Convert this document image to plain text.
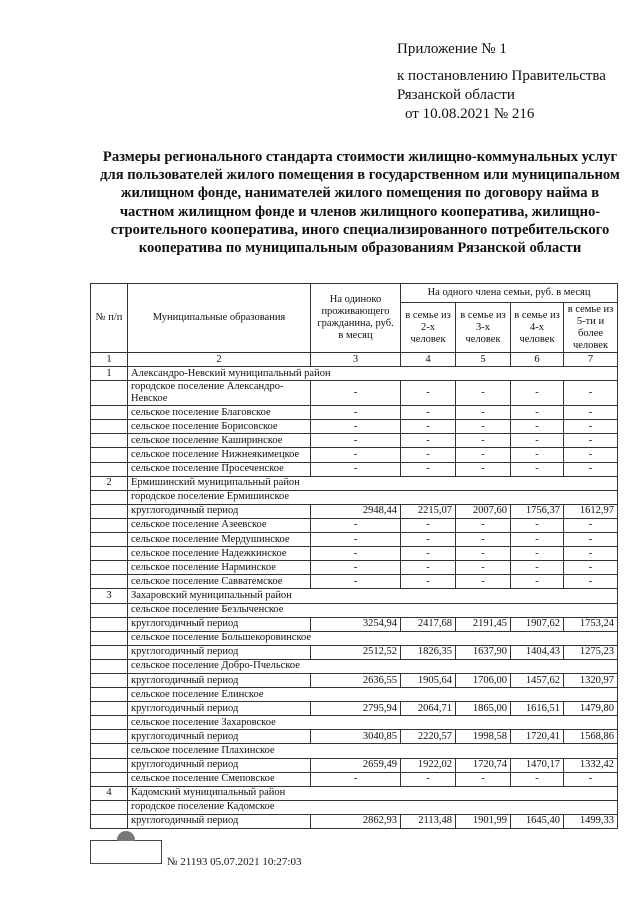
Приложение № 1
к постановлению Правительства
Рязанской области
от 10.08.2021 № 216
Размеры регионального стандарта стоимости жилищно-коммунальных услуг для пользователей жилого помещения в государственном или муниципальном жилищном фонде, нанимателей жилого помещения по договору найма в частном жилищном фонде и членов жилищного кооператива, жилищно-строительного кооператива, иного специализированного потребительского кооператива по муниципальным образованиям Рязанской области
№ п/п	Муниципальные образования	На одиноко проживающего гражданина, руб. в месяц	На одного члена семьи, руб. в месяц			
			в семье из 2-х человек	в семье из 3-х человек	в семье из 4-х человек	в семье из 5-ти и более человек
1	2	3	4	5	6	7
1	Александро-Невский муниципальный район					
	городское поселение Александро-Невское	-	-	-	-	-
	сельское поселение Благовское	-	-	-	-	-
	сельское поселение Борисовское	-	-	-	-	-
	сельское поселение Каширинское	-	-	-	-	-
	сельское поселение Нижнеякимецкое	-	-	-	-	-
	сельское поселение Просеченское	-	-	-	-	-
2	Ермишинский муниципальный район					
	городское поселение Ермишинское					
	круглогодичный период	2948,44	2215,07	2007,60	1756,37	1612,97
	сельское поселение Азеевское	-	-	-	-	-
	сельское поселение Мердушинское	-	-	-	-	-
	сельское поселение Надежкинское	-	-	-	-	-
	сельское поселение Нарминское	-	-	-	-	-
	сельское поселение Савватемское	-	-	-	-	-
3	Захаровский муниципальный район					
	сельское поселение Безлыченское					
	круглогодичный период	3254,94	2417,68	2191,45	1907,62	1753,24
	сельское поселение Большекоровинское					
	круглогодичный период	2512,52	1826,35	1637,90	1404,43	1275,23
	сельское поселение Добро-Пчельское					
	круглогодичный период	2636,55	1905,64	1706,00	1457,62	1320,97
	сельское поселение Елинское					
	круглогодичный период	2795,94	2064,71	1865,00	1616,51	1479,80
	сельское поселение Захаровское					
	круглогодичный период	3040,85	2220,57	1998,58	1720,41	1568,86
	сельское поселение Плахинское					
	круглогодичный период	2659,49	1922,02	1720,74	1470,17	1332,42
	сельское поселение Смеповское	-	-	-	-	-
4	Кадомский муниципальный район					
	городское поселение Кадомское					
	круглогодичный период	2862,93	2113,48	1901,99	1645,40	1499,33
№ 21193 05.07.2021 10:27:03
